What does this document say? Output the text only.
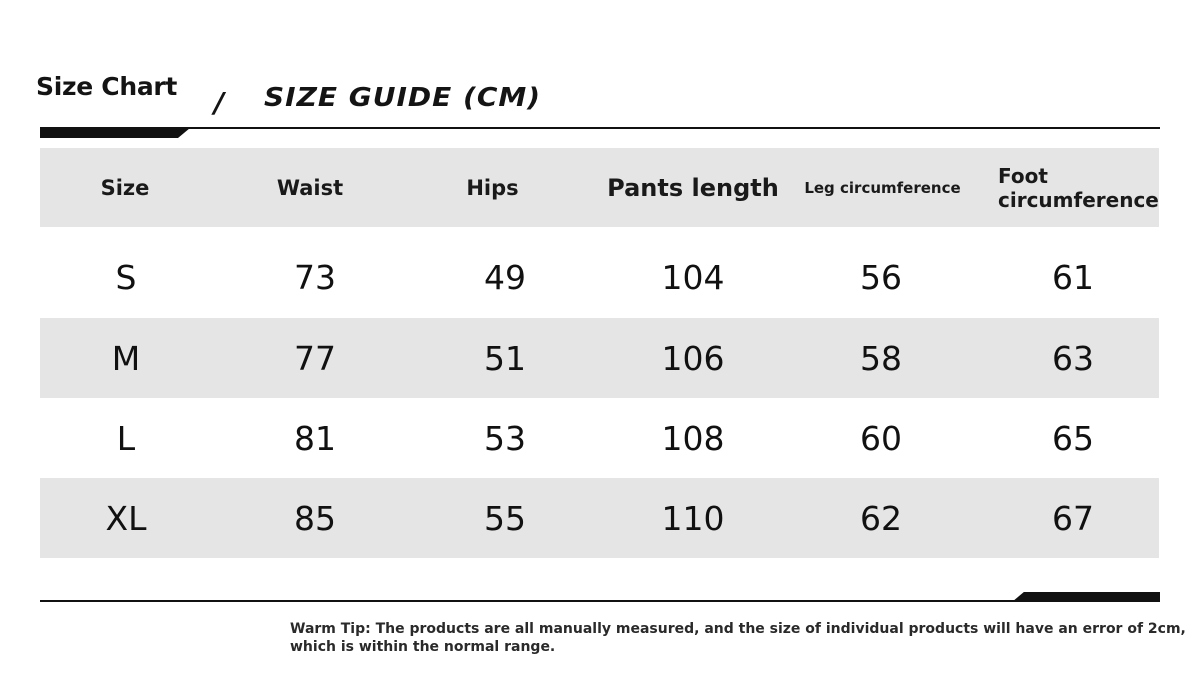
Size Chart / SIZE GUIDE (CM)
Size	Waist	Hips	Pants length	Leg circumference	Foot circumference
S	73	49	104	56	61
M	77	51	106	58	63
L	81	53	108	60	65
XL	85	55	110	62	67
Warm Tip: The products are all manually measured, and the size of individual products will have an error of 2cm, which is within the normal range.
